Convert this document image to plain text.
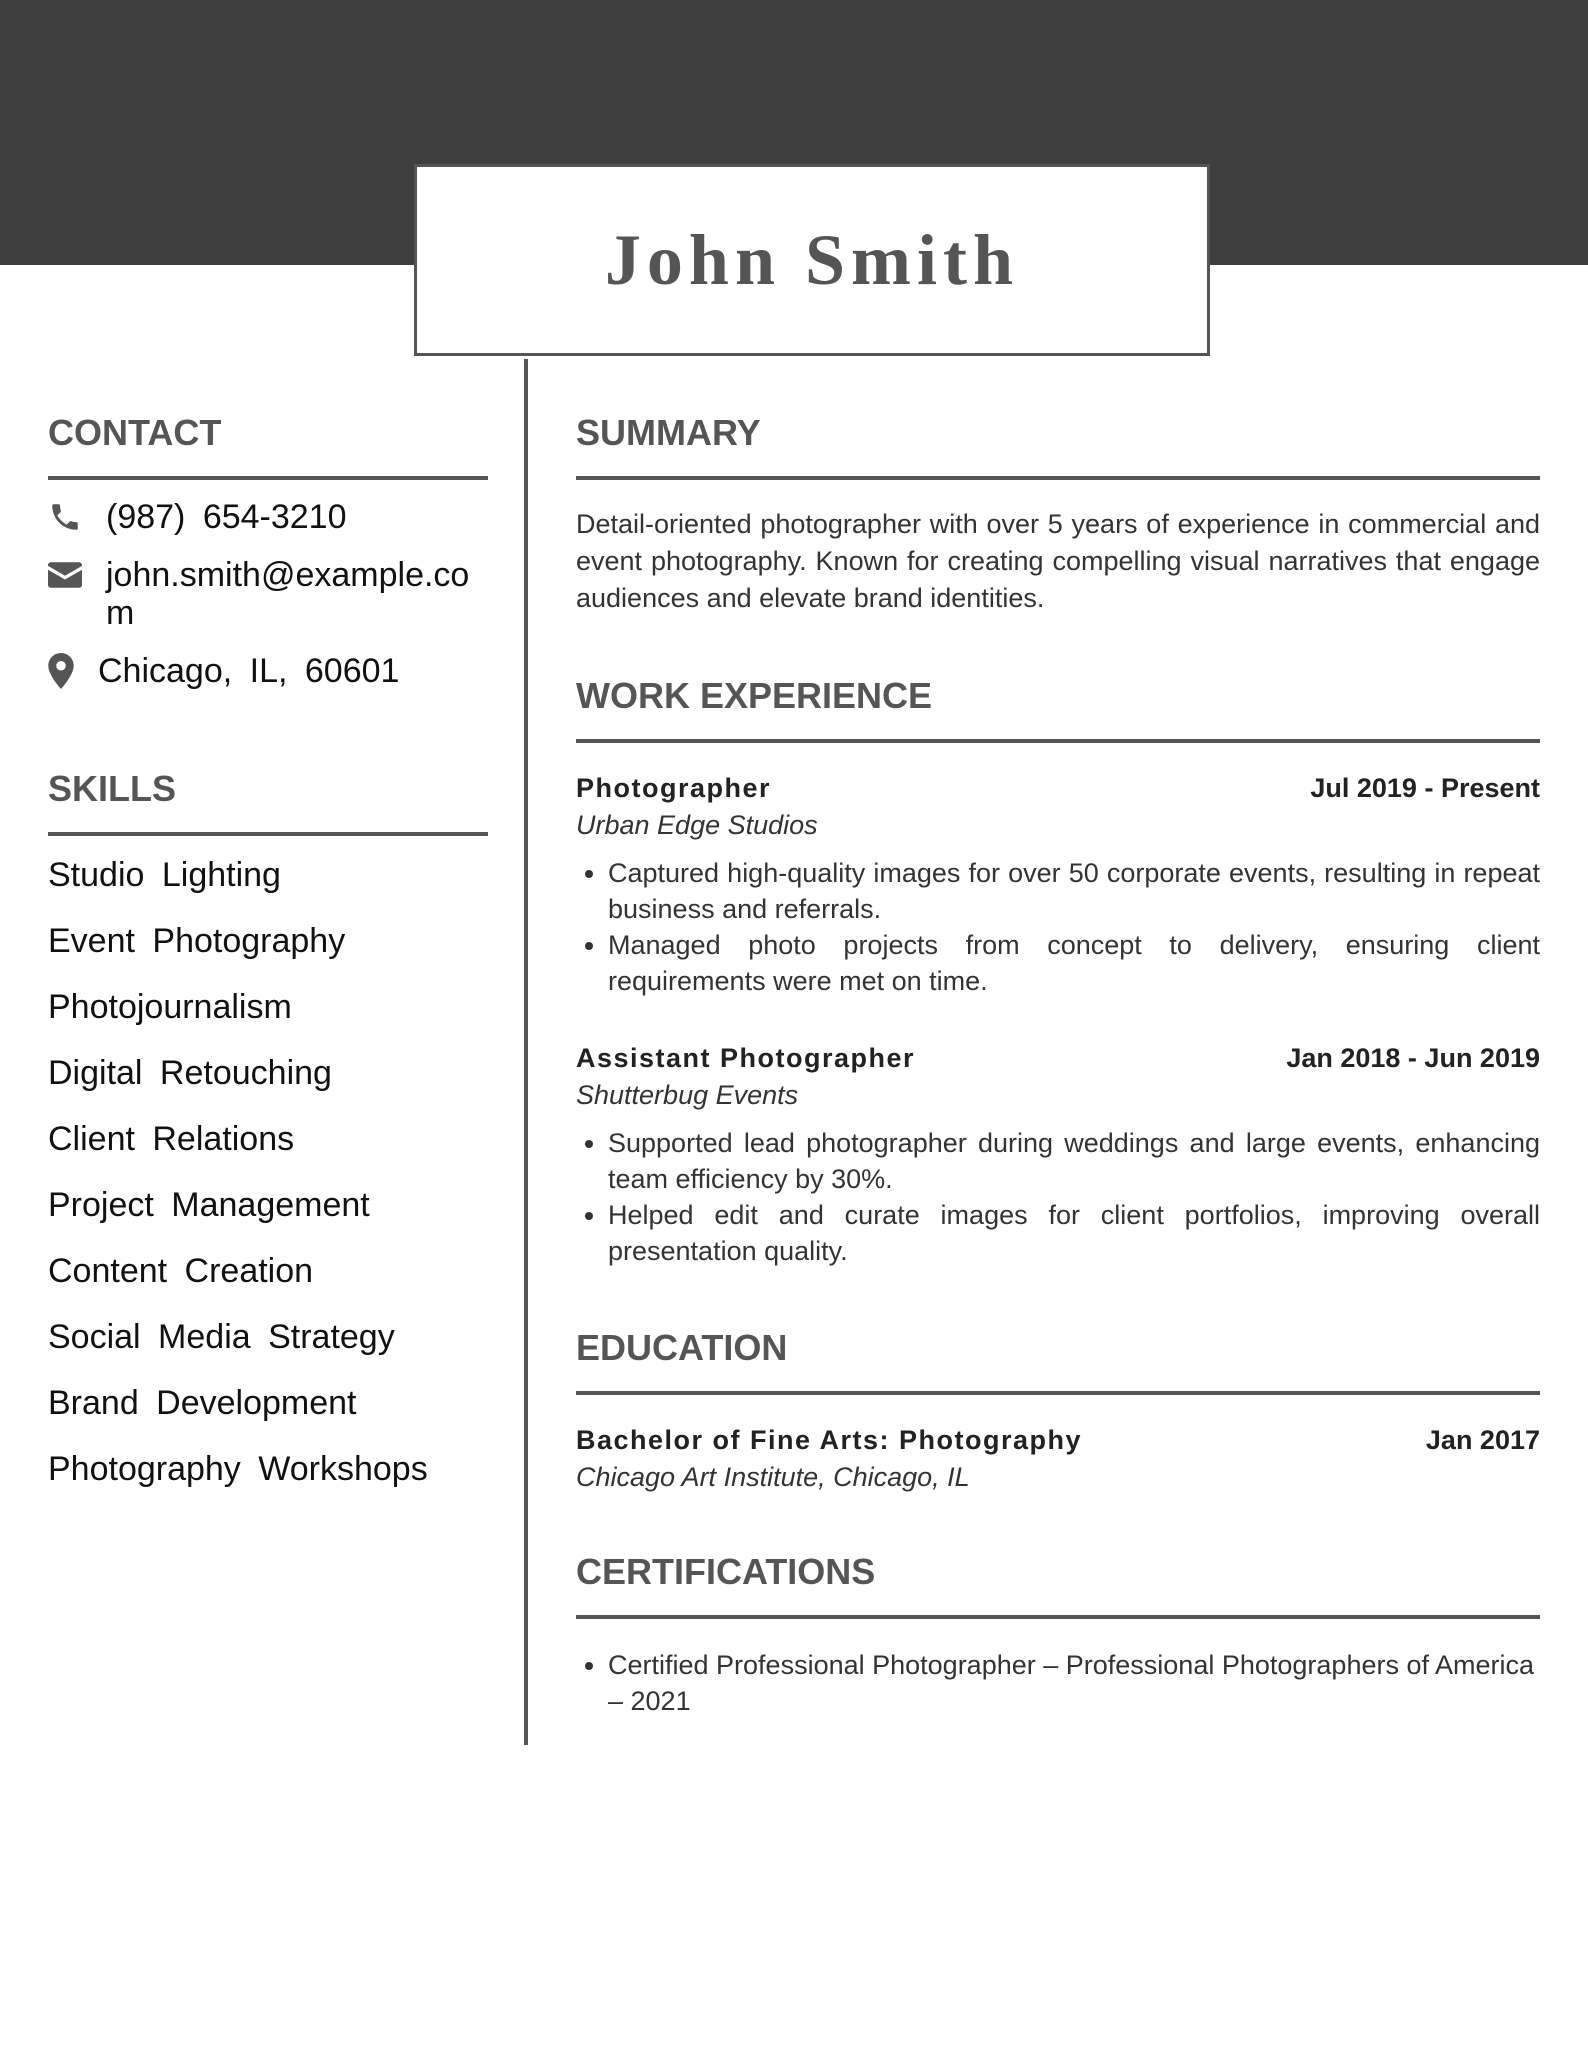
John Smith
CONTACT
(987) 654-3210
john.smith@example.com
Chicago, IL, 60601
SKILLS
Studio Lighting
Event Photography
Photojournalism
Digital Retouching
Client Relations
Project Management
Content Creation
Social Media Strategy
Brand Development
Photography Workshops
SUMMARY
Detail-oriented photographer with over 5 years of experience in commercial and event photography. Known for creating compelling visual narratives that engage audiences and elevate brand identities.
WORK EXPERIENCE
Photographer	Jul 2019 - Present
Urban Edge Studios
• Captured high-quality images for over 50 corporate events, resulting in repeat business and referrals.
• Managed photo projects from concept to delivery, ensuring client requirements were met on time.
Assistant Photographer	Jan 2018 - Jun 2019
Shutterbug Events
• Supported lead photographer during weddings and large events, enhancing team efficiency by 30%.
• Helped edit and curate images for client portfolios, improving overall presentation quality.
EDUCATION
Bachelor of Fine Arts: Photography	Jan 2017
Chicago Art Institute, Chicago, IL
CERTIFICATIONS
• Certified Professional Photographer – Professional Photographers of America – 2021
